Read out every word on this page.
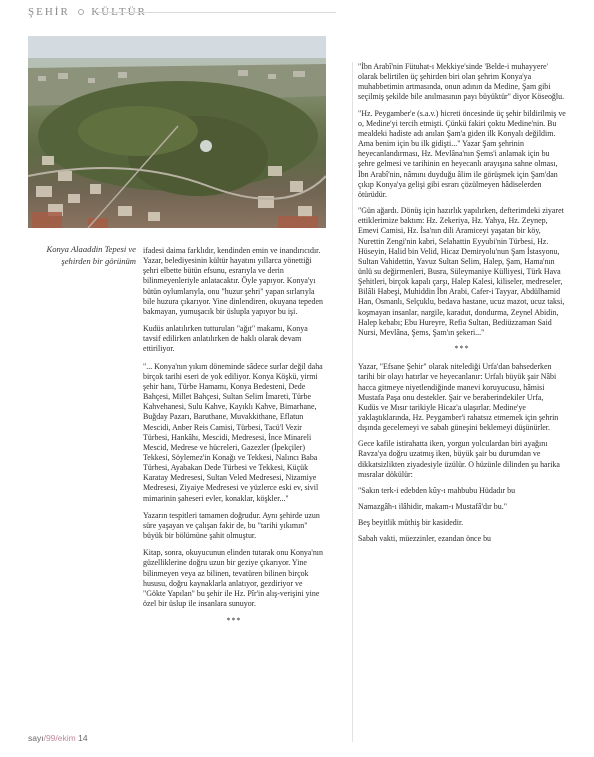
ŞEHİR KÜLTÜR
Konya Alaaddin Tepesi ve şehirden bir görünüm

ifadesi daima farklıdır, kendinden emin ve inandırıcıdır. Yazar, belediyesinin kültür hayatını yıllarca yönettiği şehri elbette bütün efsunu, esrarıyla ve derin bilinmeyenleriyle anlatacaktır. Öyle yapıyor. Konya'yı bütün oylumlarıyla, onu "huzur şehri" yapan sırlarıyla bile huzura çıkarıyor. Yine dinlendiren, okuyana tepeden bakmayan, yumuşacık bir üslupla yapıyor bu işi.

Kudüs anlatılırken tutturulan "ağıt" makamı, Konya tavsif edilirken anlatılırken de haklı olarak devam ettiriliyor.

"... Konya'nın yıkım döneminde sâdece surlar değil daha birçok tarihi eseri de yok ediliyor. Konya Köşkü, yirmi şehir hanı, Türbe Hamamı, Konya Bedesteni, Dede Bahçesi, Millet Bahçesi, Sultan Selim İmareti, Türbe Kahvehanesi, Sulu Kahve, Kayıklı Kahve, Bimarhane, Buğday Pazarı, Baruthane, Muvakkithane, Eflatun Mescidi, Anber Reis Camisi, Türbesi, Tacü'l Vezir Türbesi, Hankâhı, Mescidi, Medresesi, İnce Minareli Mescid, Medrese ve hücreleri, Gazezler (İpekçiler) Tekkesi, Söylemez'in Konağı ve Tekkesi, Nalıncı Baba Türbesi, Ayabakan Dede Türbesi ve Tekkesi, Küçük Karatay Medresesi, Sultan Veled Medresesi, Nizamiye Medresesi, Ziyaiye Medresesi ve yüzlerce eski ev, sivil mimarinin şaheseri evler, konaklar, köşkler..."

Yazarın tespitleri tamamen doğrudur. Aynı şehirde uzun süre yaşayan ve çalışan fakir de, bu "tarihi yıkımın" büyük bir bölümüne şahit olmuştur.

Kitap, sonra, okuyucunun elinden tutarak onu Konya'nın güzelliklerine doğru uzun bir geziye çıkarıyor. Yine bilinmeyen veya az bilinen, tevatüren bilinen birçok hususu, doğru kaynaklarla anlatıyor, gezdiriyor ve "Gökte Yapılan" bu şehir ile Hz. Pîr'in alış-verişini yine özel bir üslup ile insanlara sunuyor.

***

"İbn Arabî'nin Fütuhat-ı Mekkiye'sinde 'Belde-i muhayyere' olarak belirtilen üç şehirden biri olan şehrim Konya'ya muhabbetimin artmasında, onun adının da Medine, Şam gibi seçilmiş şekilde bile anılmasının payı büyüktür" diyor Köseoğlu.

"Hz. Peygamber'e (s.a.v.) hicreti öncesinde üç şehir bildirilmiş ve o, Medine'yi tercih etmişti. Çünkü fakiri çoktu Medine'nin. Bu mealdeki hadiste adı anılan Şam'a giden ilk Konyalı değildim. Ama benim için bu ilk gidişti..." Yazar Şam şehrinin heyecanlandırması, Hz. Mevlâna'nın Şems'i anlamak için bu şehre gelmesi ve tarihinin en heyecanlı arayışına sahne olması, İbn Arabî'nin, nâmını duyduğu âlim ile görüşmek için Şam'dan çıkıp Konya'ya gelişi gibi esrarı çözülmeyen hâdiselerden ötürüdür.

"Gün ağardı. Dönüş için hazırlık yapılırken, defterimdeki ziyaret ettiklerimize baktım: Hz. Zekeriya, Hz. Yahya, Hz. Zeynep, Emevi Camisi, Hz. İsa'nın dili Aramiceyi yaşatan bir köy, Nurettin Zengi'nin kabri, Selahattin Eyyubi'nin Türbesi, Hz. Hüseyin, Halid bin Velid, Hicaz Demiryolu'nun Şam İstasyonu, Sultan Vahidettin, Yavuz Sultan Selim, Halep, Şam, Hama'nın ünlü su değirmenleri, Busra, Süleymaniye Külliyesi, Türk Hava Şehitleri, birçok kapalı çarşı, Halep Kalesi, kiliseler, medreseler, Bilâli Habeşi, Muhiddin İbn Arabi, Cafer-i Tayyar, Abdülhamid Han, Osmanlı, Selçuklu, bedava hastane, ucuz mazot, ucuz taksi, koşmayan insanlar, nargile, karadut, dondurma, Zeynel Abidin, Halep kebabı; Ebu Hureyre, Refia Sultan, Bediüzzaman Said Nursi, Mevlâna, Şems, Şam'ın şekeri..."

***

Yazar, "Efsane Şehir" olarak nitelediği Urfa'dan bahsederken tarihi bir olayı hatırlar ve heyecanlanır: Urfalı büyük şair Nâbi hacca gitmeye niyetlendiğinde manevi koruyucusu, hâmisi Mustafa Paşa onu destekler. Şair ve beraberindekiler Urfa, Kudüs ve Mısır tarikiyle Hicaz'a ulaşırlar. Medine'ye yaklaştıklarında, Hz. Peygamber'i rahatsız etmemek için şehrin dışında gecelemeyi ve sabah güneşini beklemeyi düşünürler.

Gece kafile istirahatta iken, yorgun yolculardan biri ayağını Ravza'ya doğru uzatmış iken, büyük şair bu durumdan ve dikkatsizlikten ziyadesiyle üzülür. O hüzünle dilinden şu harika mısralar dökülür:

"Sakın terk-i edebden kûy-ı mahbubu Hüdadır bu

Namazgâh-ı ilâhidir, makam-ı Mustafâ'dır bu."

Beş beyitlik müthiş bir kasidedir.

Sabah vakti, müezzinler, ezandan önce bu

sayı/99/ekim 14
